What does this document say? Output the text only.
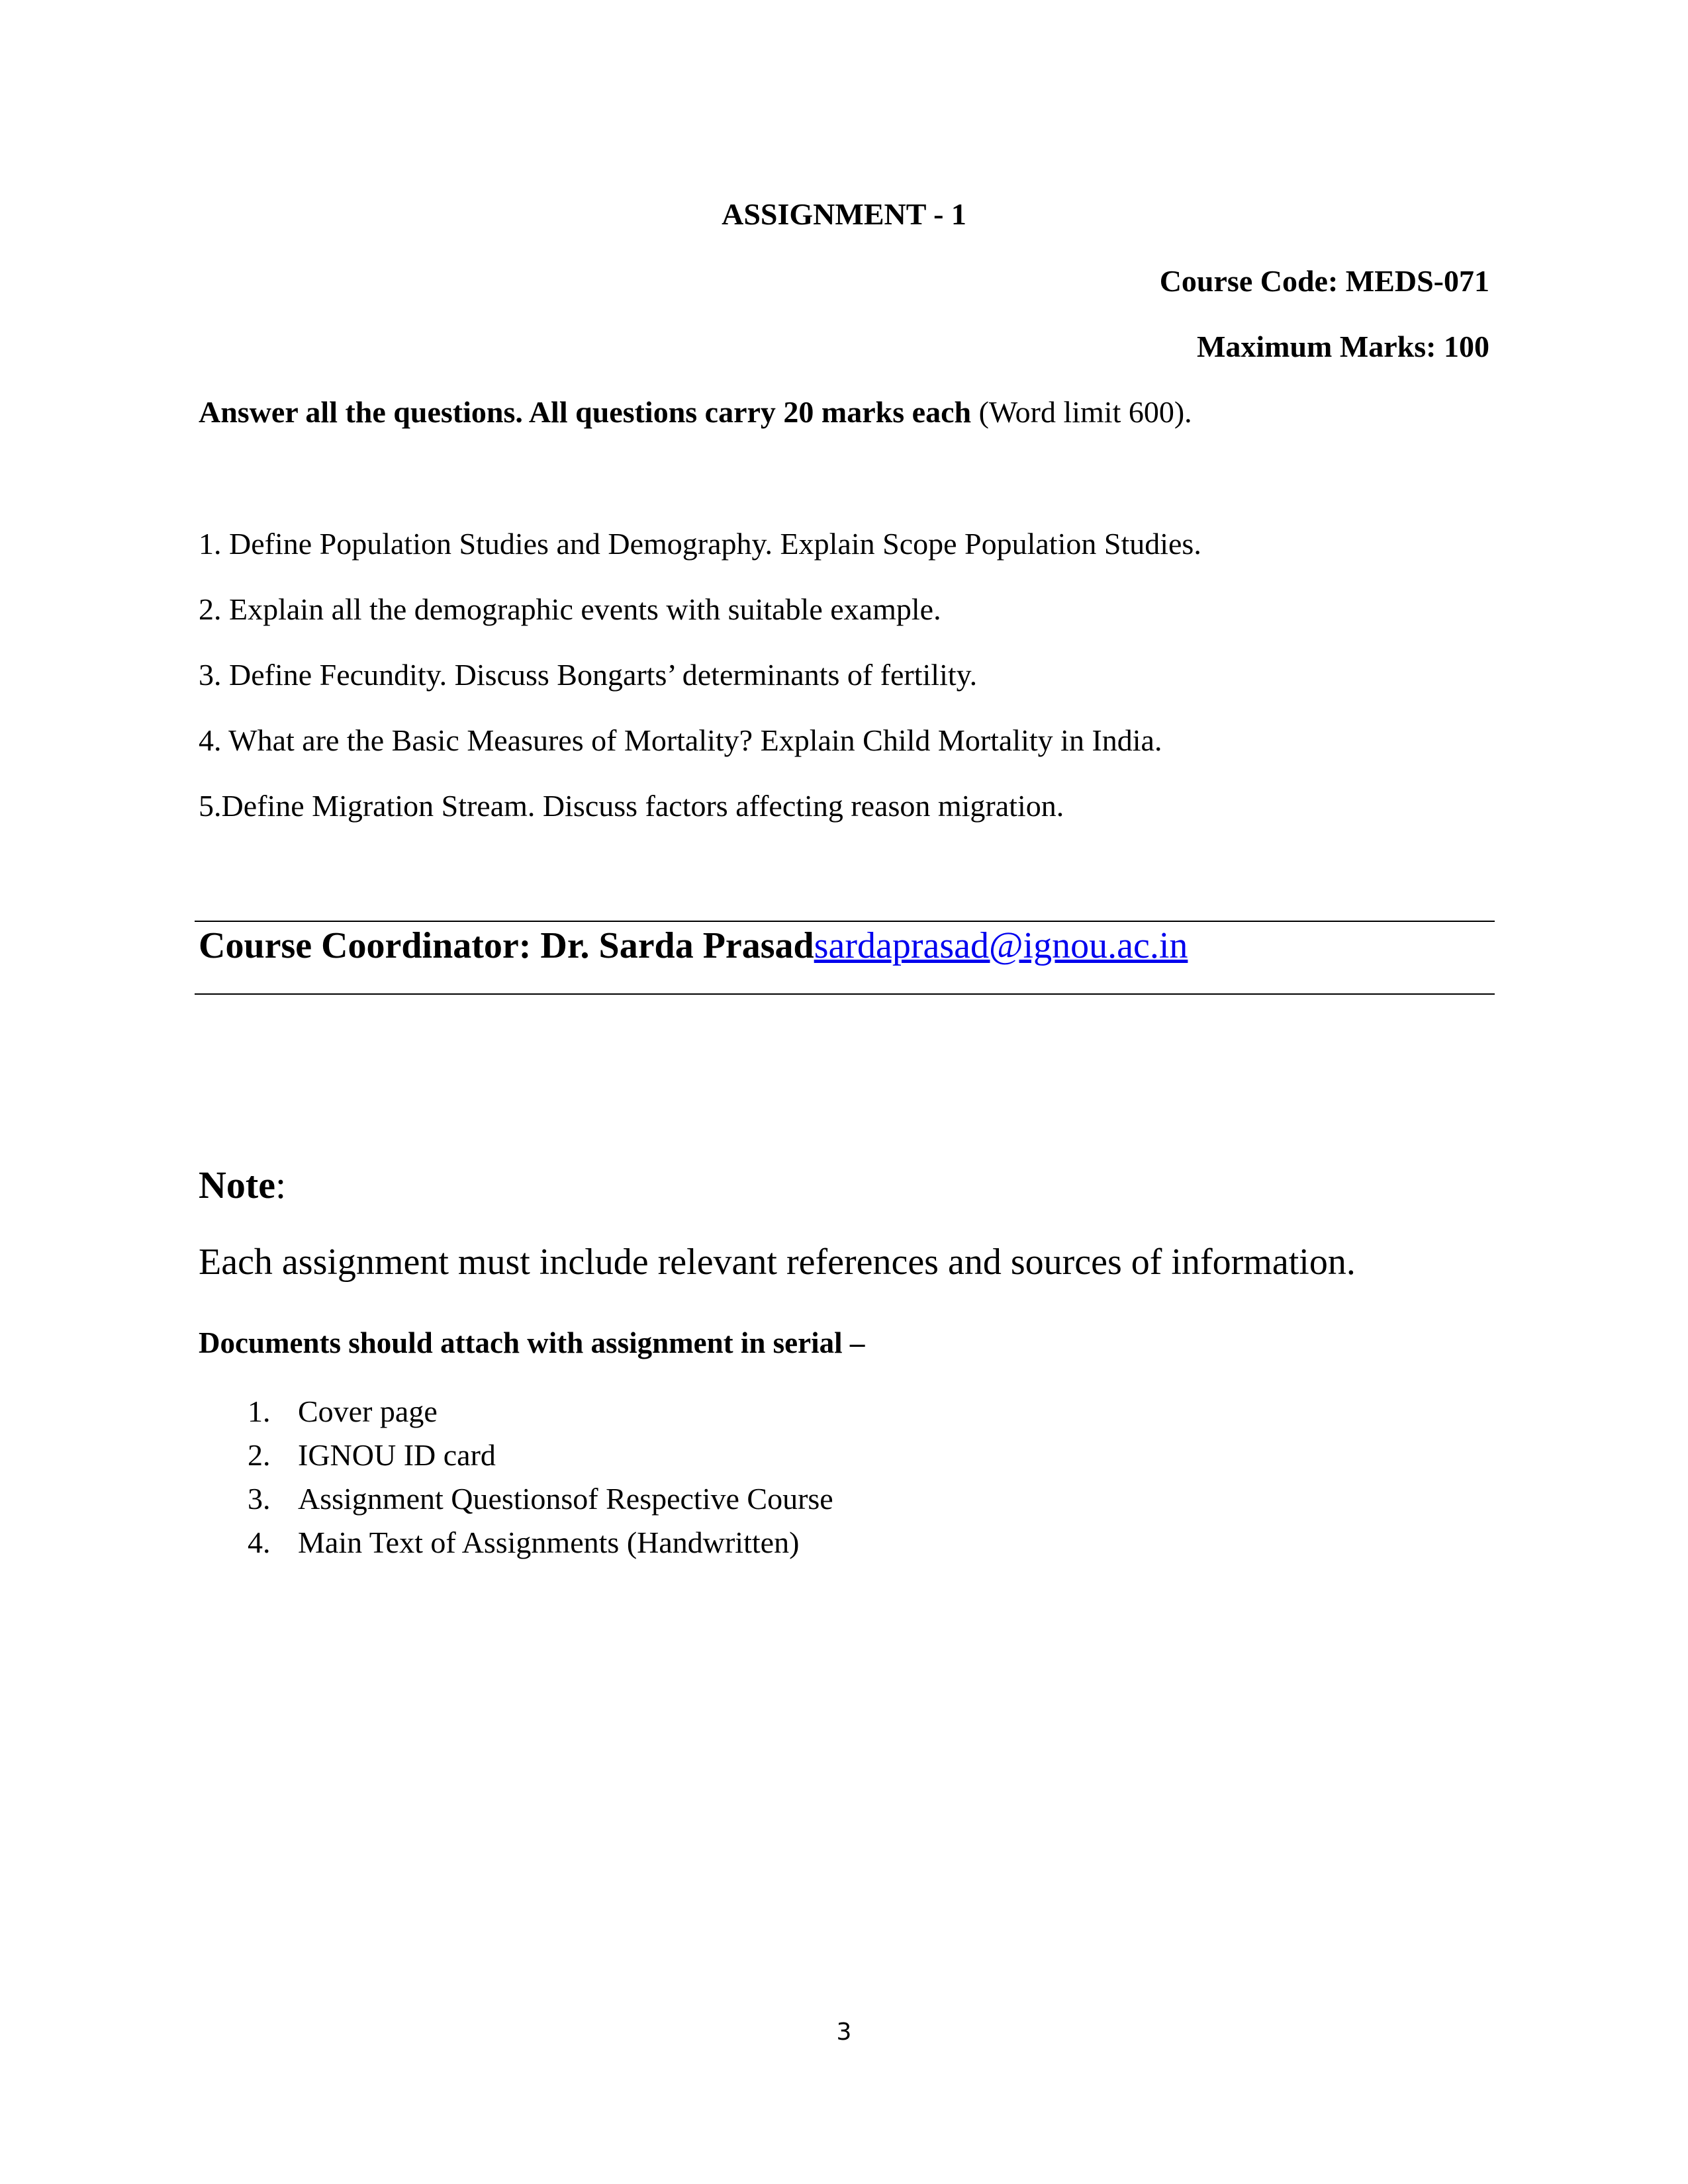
ASSIGNMENT - 1
Course Code: MEDS-071
Maximum Marks: 100
Answer all the questions. All questions carry 20 marks each (Word limit 600).
1. Define Population Studies and Demography. Explain Scope Population Studies.
2. Explain all the demographic events with suitable example.
3. Define Fecundity. Discuss Bongarts’ determinants of fertility.
4. What are the Basic Measures of Mortality? Explain Child Mortality in India.
5.Define Migration Stream. Discuss factors affecting reason migration.
Course Coordinator: Dr. Sarda Prasadsardaprasad@ignou.ac.in
Note:
Each assignment must include relevant references and sources of information.
Documents should attach with assignment in serial –
1. Cover page
2. IGNOU ID card
3. Assignment Questionsof Respective Course
4. Main Text of Assignments (Handwritten)
3
